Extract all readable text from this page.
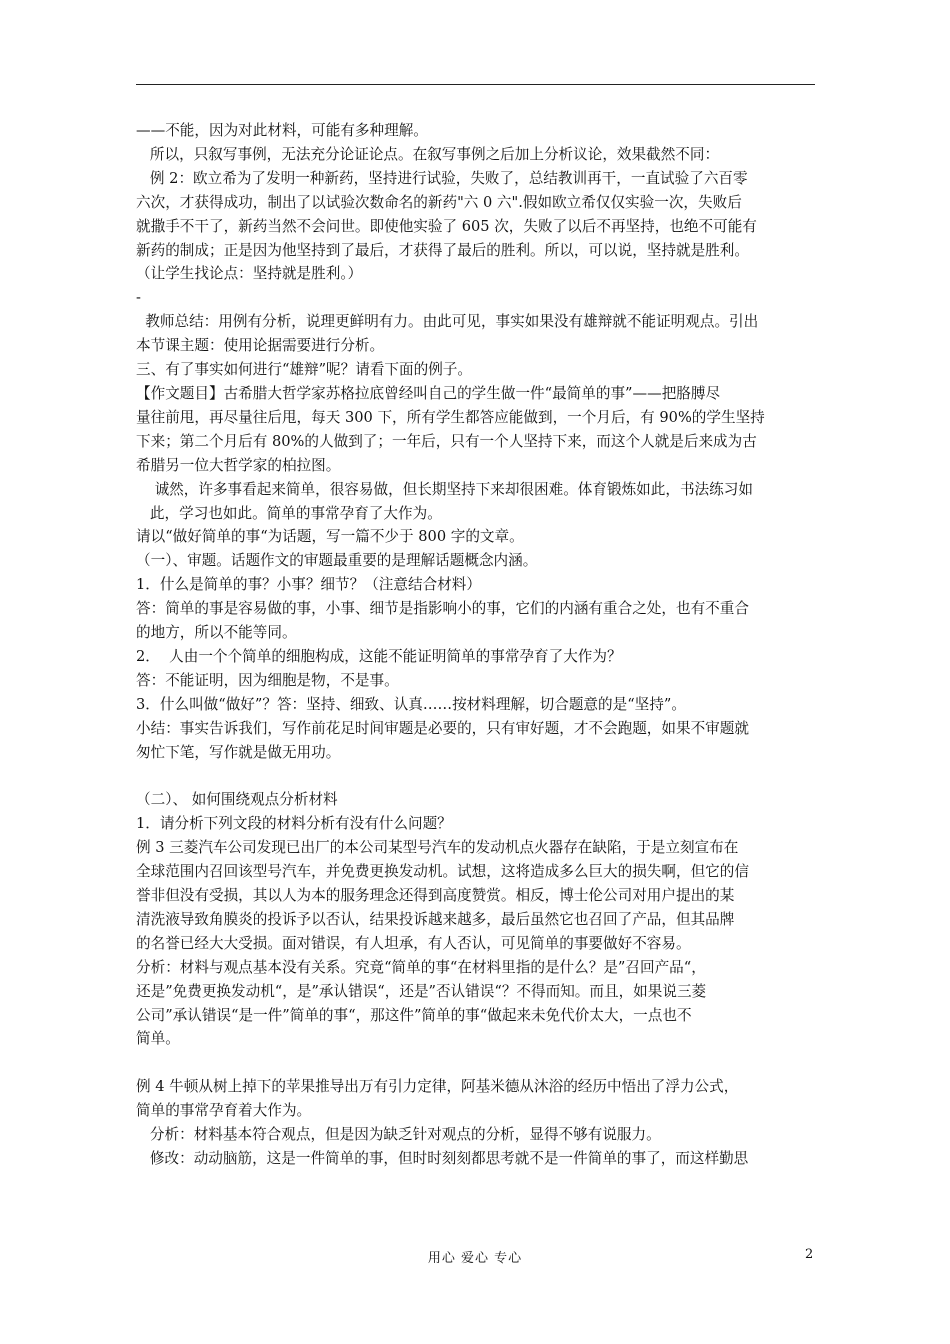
——不能，因为对此材料，可能有多种理解。

所以，只叙写事例，无法充分论证论点。在叙写事例之后加上分析议论，效果截然不同：

例 2：欧立希为了发明一种新药，坚持进行试验，失败了，总结教训再干，一直试验了六百零

六次，才获得成功，制出了以试验次数命名的新药"六 0 六".假如欧立希仅仅实验一次，失败后

就撒手不干了，新药当然不会问世。即使他实验了 605 次，失败了以后不再坚持，也绝不可能有

新药的制成；正是因为他坚持到了最后，才获得了最后的胜利。所以，可以说，坚持就是胜利。

（让学生找论点：坚持就是胜利。）

-

教师总结：用例有分析，说理更鲜明有力。由此可见，事实如果没有雄辩就不能证明观点。引出

本节课主题：使用论据需要进行分析。

三、有了事实如何进行“雄辩”呢？请看下面的例子。

【作文题目】古希腊大哲学家苏格拉底曾经叫自己的学生做一件“最简单的事”——把胳膊尽

量往前甩，再尽量往后甩，每天 300 下，所有学生都答应能做到，一个月后，有 90%的学生坚持

下来；第二个月后有 80%的人做到了；一年后，只有一个人坚持下来，而这个人就是后来成为古

希腊另一位大哲学家的柏拉图。

诚然，许多事看起来简单，很容易做，但长期坚持下来却很困难。体育锻炼如此，书法练习如

此，学习也如此。简单的事常孕育了大作为。

请以“做好简单的事“为话题，写一篇不少于 800 字的文章。

（一）、审题。话题作文的审题最重要的是理解话题概念内涵。

1．什么是简单的事？小事？细节？（注意结合材料）

答：简单的事是容易做的事，小事、细节是指影响小的事，它们的内涵有重合之处，也有不重合

的地方，所以不能等同。

2．  人由一个个简单的细胞构成，这能不能证明简单的事常孕育了大作为？

答：不能证明，因为细胞是物，不是事。

3．什么叫做“做好”？答：坚持、细致、认真……按材料理解，切合题意的是“坚持”。

小结：事实告诉我们，写作前花足时间审题是必要的，只有审好题，才不会跑题，如果不审题就

匆忙下笔，写作就是做无用功。

（二）、 如何围绕观点分析材料

1．请分析下列文段的材料分析有没有什么问题？

例 3 三菱汽车公司发现已出厂的本公司某型号汽车的发动机点火器存在缺陷，于是立刻宣布在

全球范围内召回该型号汽车，并免费更换发动机。试想，这将造成多么巨大的损失啊，但它的信

誉非但没有受损，其以人为本的服务理念还得到高度赞赏。相反，博士伦公司对用户提出的某

清洗液导致角膜炎的投诉予以否认，结果投诉越来越多，最后虽然它也召回了产品，但其品牌

的名誉已经大大受损。面对错误，有人坦承，有人否认，可见简单的事要做好不容易。

分析：材料与观点基本没有关系。究竟“简单的事“在材料里指的是什么？是”召回产品“，

还是”免费更换发动机“，是”承认错误“，还是”否认错误“？不得而知。而且，如果说三菱

公司”承认错误“是一件”简单的事“，那这件”简单的事“做起来未免代价太大，一点也不

简单。

例 4 牛顿从树上掉下的苹果推导出万有引力定律，阿基米德从沐浴的经历中悟出了浮力公式，

简单的事常孕育着大作为。

分析：材料基本符合观点，但是因为缺乏针对观点的分析，显得不够有说服力。

修改：动动脑筋，这是一件简单的事，但时时刻刻都思考就不是一件简单的事了，而这样勤思

用心 爱心 专心	2
